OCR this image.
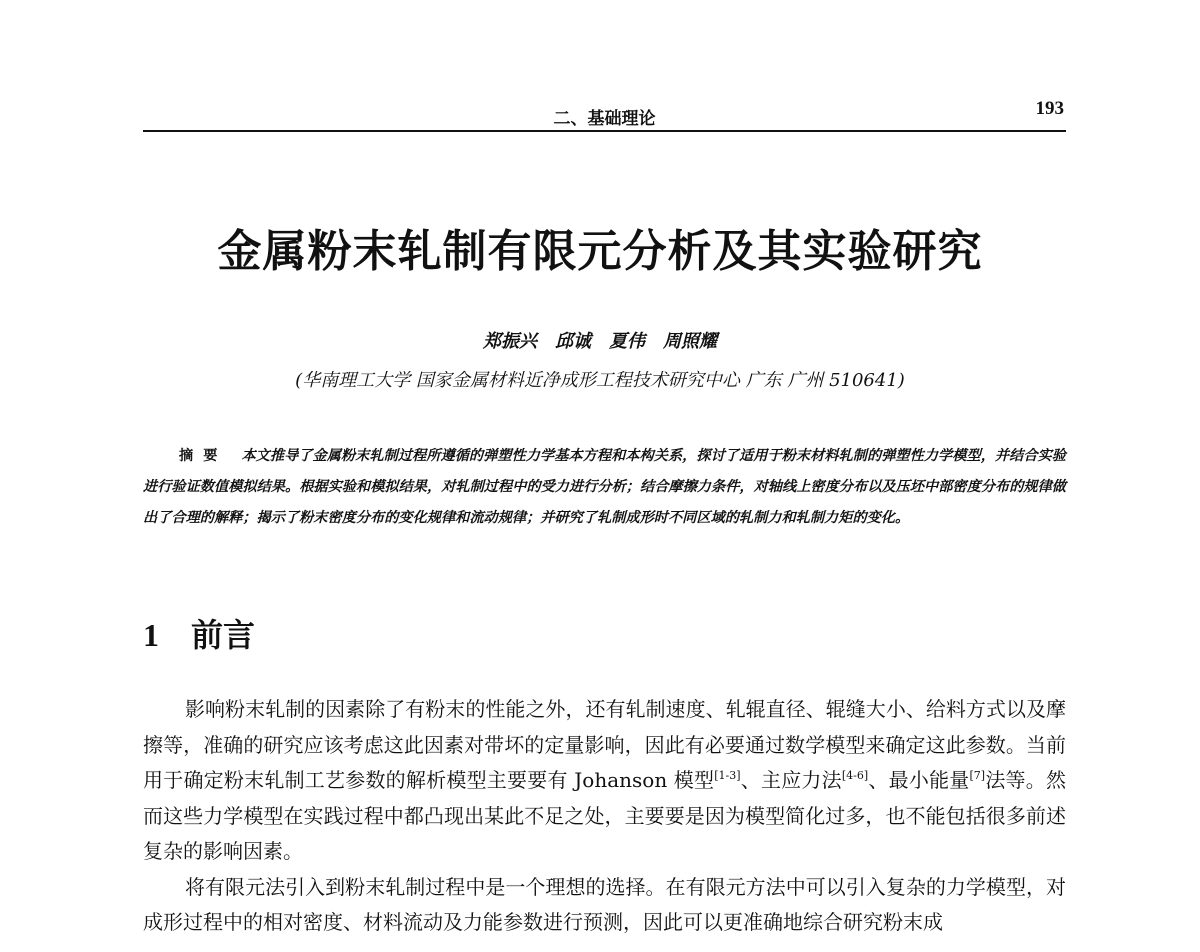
二、基础理论	193
金属粉末轧制有限元分析及其实验研究
郑振兴　邱诚　夏伟　周照耀
(华南理工大学 国家金属材料近净成形工程技术研究中心 广东 广州 510641)
摘要 本文推导了金属粉末轧制过程所遵循的弹塑性力学基本方程和本构关系，探讨了适用于粉末材料轧制的弹塑性力学模型，并结合实验进行验证数值模拟结果。根据实验和模拟结果，对轧制过程中的受力进行分析；结合摩擦力条件，对轴线上密度分布以及压坯中部密度分布的规律做出了合理的解释；揭示了粉末密度分布的变化规律和流动规律；并研究了轧制成形时不同区域的轧制力和轧制力矩的变化。
1 前言

影响粉末轧制的因素除了有粉末的性能之外，还有轧制速度、轧辊直径、辊缝大小、给料方式以及摩擦等，准确的研究应该考虑这此因素对带坏的定量影响，因此有必要通过数学模型来确定这此参数。当前用于确定粉末轧制工艺参数的解析模型主要要有 Johanson 模型[1-3]、主应力法[4-6]、最小能量[7]法等。然而这些力学模型在实践过程中都凸现出某此不足之处，主要要是因为模型简化过多，也不能包括很多前述复杂的影响因素。

将有限元法引入到粉末轧制过程中是一个理想的选择。在有限元方法中可以引入复杂的力学模型，对成形过程中的相对密度、材料流动及力能参数进行预测，因此可以更准确地综合研究粉末成
